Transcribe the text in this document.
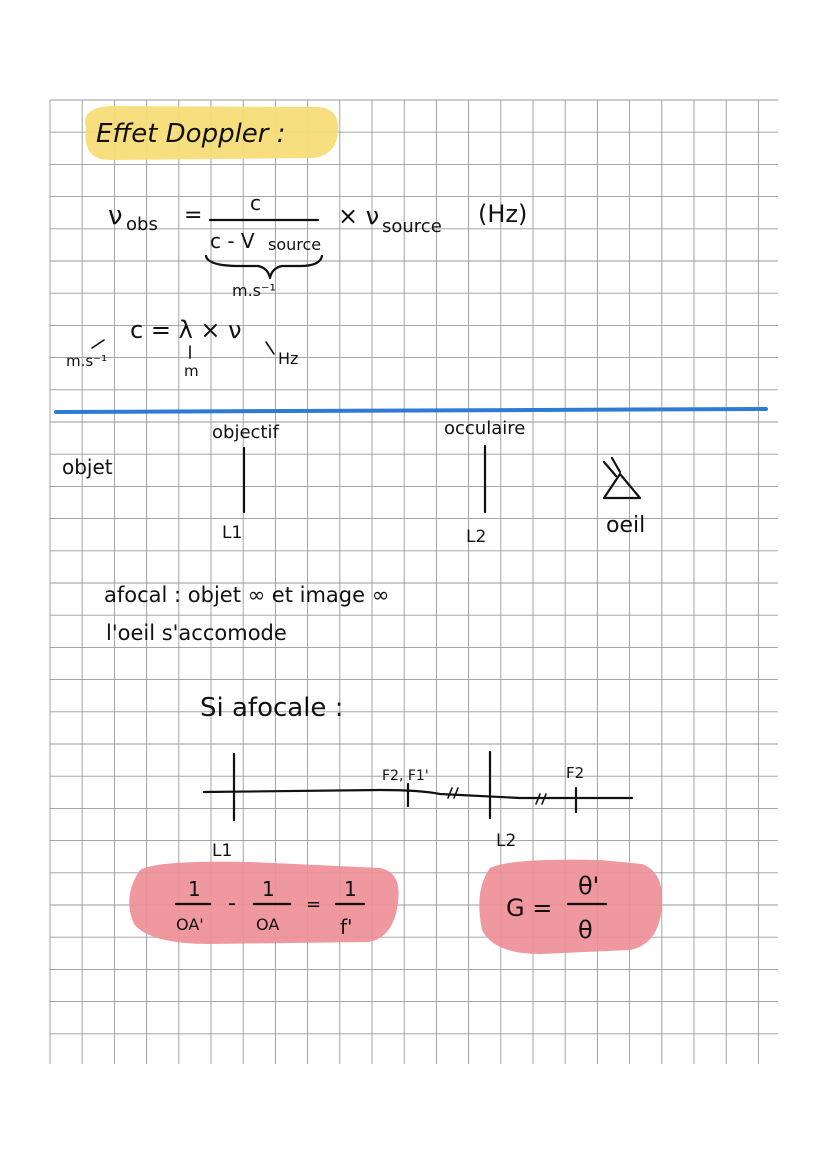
Effet Doppler :
ν obs = c
c - V source
× ν source (Hz)
m.s⁻¹
c = λ × ν
m.s⁻¹
m
Hz
objet
objectif
L1
occulaire
L2	oeil
afocal : objet ∞ et image ∞
l'oeil s'accomode
Si afocale :
L1
F2, F1'
L2
F2
1
OA'
-
1
OA
=
1
f'
G =
θ'
θ
